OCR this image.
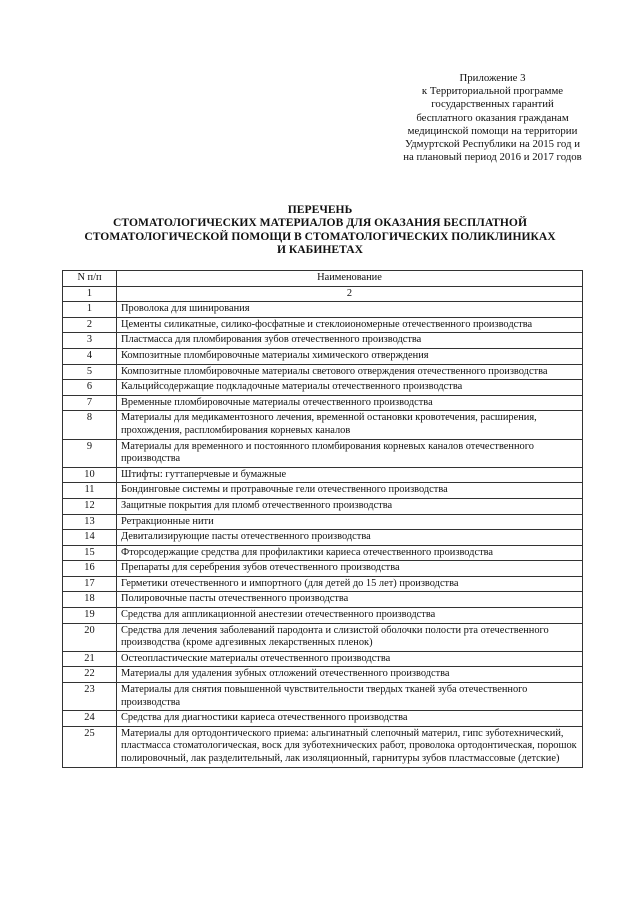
Приложение 3
к Территориальной программе
государственных гарантий
бесплатного оказания гражданам
медицинской помощи на территории
Удмуртской Республики на 2015 год и
на плановый период 2016 и 2017 годов
ПЕРЕЧЕНЬ
СТОМАТОЛОГИЧЕСКИХ МАТЕРИАЛОВ ДЛЯ ОКАЗАНИЯ БЕСПЛАТНОЙ
СТОМАТОЛОГИЧЕСКОЙ ПОМОЩИ В СТОМАТОЛОГИЧЕСКИХ ПОЛИКЛИНИКАХ
И КАБИНЕТАХ
N п/п	Наименование
1	2
1	Проволока для шинирования
2	Цементы силикатные, силико-фосфатные и стеклоиономерные отечественного производства
3	Пластмасса для пломбирования зубов отечественного производства
4	Композитные пломбировочные материалы химического отверждения
5	Композитные пломбировочные материалы светового отверждения отечественного производства
6	Кальцийсодержащие подкладочные материалы отечественного производства
7	Временные пломбировочные материалы отечественного производства
8	Материалы для медикаментозного лечения, временной остановки кровотечения, расширения, прохождения, распломбирования корневых каналов
9	Материалы для временного и постоянного пломбирования корневых каналов отечественного производства
10	Штифты: гуттаперчевые и бумажные
11	Бондинговые системы и протравочные гели отечественного производства
12	Защитные покрытия для пломб отечественного производства
13	Ретракционные нити
14	Девитализирующие пасты отечественного производства
15	Фторсодержащие средства для профилактики кариеса отечественного производства
16	Препараты для серебрения зубов отечественного производства
17	Герметики отечественного и импортного (для детей до 15 лет) производства
18	Полировочные пасты отечественного производства
19	Средства для аппликационной анестезии отечественного производства
20	Средства для лечения заболеваний пародонта и слизистой оболочки полости рта отечественного производства (кроме адгезивных лекарственных пленок)
21	Остеопластические материалы отечественного производства
22	Материалы для удаления зубных отложений отечественного производства
23	Материалы для снятия повышенной чувствительности твердых тканей зуба отечественного производства
24	Средства для диагностики кариеса отечественного производства
25	Материалы для ортодонтического приема: альгинатный слепочный материл, гипс зуботехнический, пластмасса стоматологическая, воск для зуботехнических работ, проволока ортодонтическая, порошок полировочный, лак разделительный, лак изоляционный, гарнитуры зубов пластмассовые (детские)
